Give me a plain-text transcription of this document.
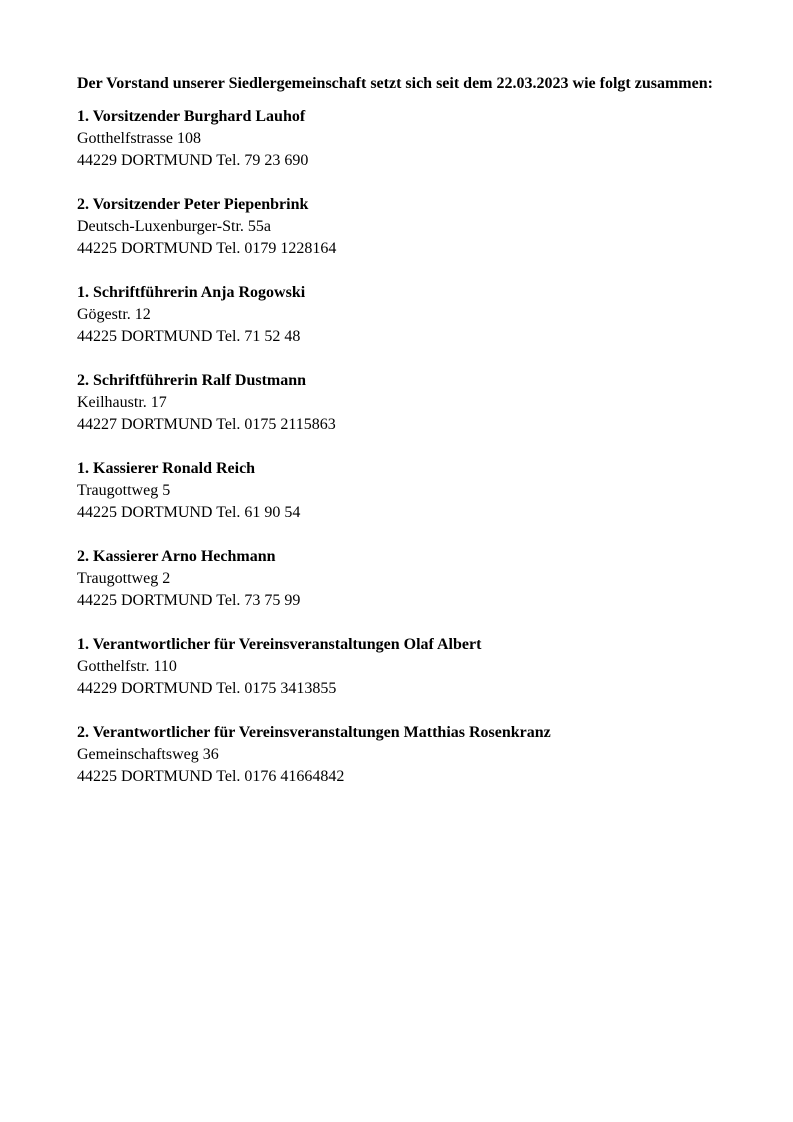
Der Vorstand unserer Siedlergemeinschaft setzt sich seit dem 22.03.2023 wie folgt zusammen:
1. Vorsitzender Burghard Lauhof
Gotthelfstrasse 108
44229 DORTMUND Tel. 79 23 690
2. Vorsitzender Peter Piepenbrink
Deutsch-Luxenburger-Str. 55a
44225 DORTMUND Tel. 0179 1228164
1. Schriftführerin Anja Rogowski
Gögestr. 12
44225 DORTMUND Tel. 71 52 48
2. Schriftführerin Ralf Dustmann
Keilhaustr. 17
44227 DORTMUND Tel. 0175 2115863
1. Kassierer Ronald Reich
Traugottweg 5
44225 DORTMUND Tel. 61 90 54
2. Kassierer Arno Hechmann
Traugottweg 2
44225 DORTMUND Tel. 73 75 99
1. Verantwortlicher für Vereinsveranstaltungen Olaf Albert
Gotthelfstr. 110
44229 DORTMUND Tel. 0175 3413855
2. Verantwortlicher für Vereinsveranstaltungen Matthias Rosenkranz
Gemeinschaftsweg 36
44225 DORTMUND Tel. 0176 41664842
